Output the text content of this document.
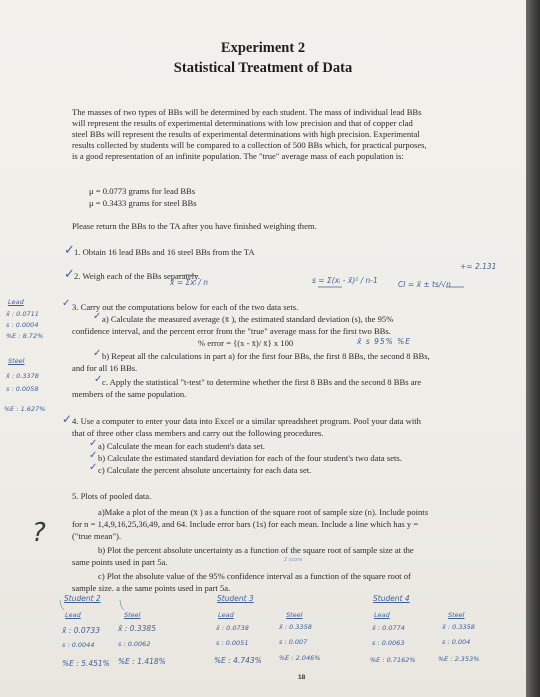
Experiment 2
Statistical Treatment of Data
The masses of two types of BBs will be determined by each student. The mass of individual lead BBs
will represent the results of experimental determinations with low precision and that of copper clad
steel BBs will represent the results of experimental determinations with high precision. Experimental
results collected by students will be compared to a collection of 500 BBs which, for practical purposes,
is a good representation of an infinite population. The "true" average mass of each population is:
μ = 0.0773 grams for lead BBs
μ = 0.3433 grams for steel BBs
Please return the BBs to the TA after you have finished weighing them.
1. Obtain 16 lead BBs and 16 steel BBs from the TA
2. Weigh each of the BBs separately.
3. Carry out the computations below for each of the two data sets.
a) Calculate the measured average (x̄ ), the estimated standard deviation (s), the 95%
confidence interval, and the percent error from the "true" average mass for the first two BBs.
% error = {(x - x̄)/ x̄} x 100
b) Repeat all the calculations in part a) for the first four BBs, the first 8 BBs, the second 8 BBs,
and for all 16 BBs.
c. Apply the statistical "t-test" to determine whether the first 8 BBs and the second 8 BBs are
members of the same population.
4. Use a computer to enter your data into Excel or a similar spreadsheet program. Pool your data with
that of three other class members and carry out the following procedures.
a) Calculate the mean for each student's data set.
b) Calculate the estimated standard deviation for each of the four student's two data sets.
c) Calculate the percent absolute uncertainty for each data set.
5. Plots of pooled data.
a)Make a plot of the mean (x̄ ) as a function of the square root of sample size (n). Include points
for n = 1,4,9,16,25,36,49, and 64. Include error bars (1s) for each mean. Include a line which has y =
("true mean").
b) Plot the percent absolute uncertainty as a function of the square root of sample size at the
same points used in part 5a.
c) Plot the absolute value of the 95% confidence interval as a function of the square root of
sample size. a the same points used in part 5a.
18
✓
✓
✓
✓
✓
✓
✓
✓
✓
✓
x̄ = Σxᵢ / n	s = Σ(xᵢ - x̄)² / n-1	CI = x̄ ± ts/√n
+= 2.131
x̄ s 95% %E
Lead
x̄ : 0.0711
s : 0.0004
%E : 8.72%
Steel
x̄ : 0.3378
s : 0.0058
%E : 1.627%
?
2 score
Student 2
Lead
x̄ : 0.0733
s : 0.0044
%E : 5.451%
Steel
x̄ : 0.3385
s : 0.0062
%E : 1.418%
Student 3
Lead
x̄ : 0.0738
s : 0.0051
%E : 4.743%
Steel
x̄ : 0.3358
s : 0.007
%E : 2.046%
Student 4
Lead
x̄ : 0.0774
s : 0.0063
%E : 0.7162%
Steel
x̄ : 0.3358
s : 0.004
%E : 2.353%
